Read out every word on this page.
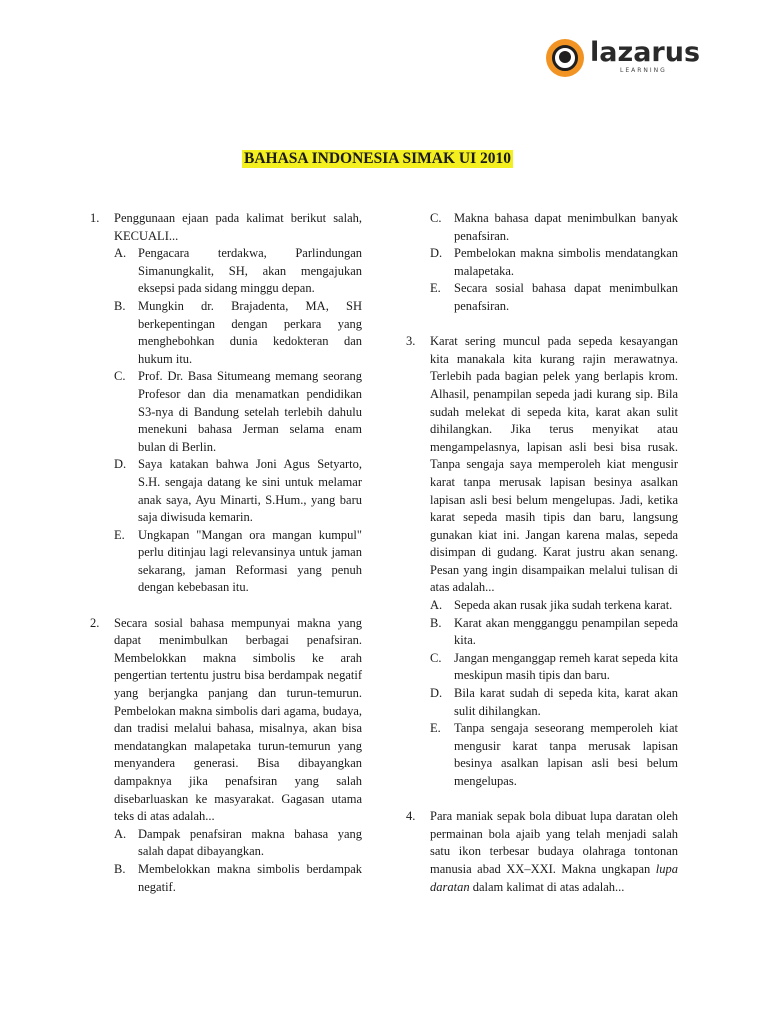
lazarus
LEARNING
BAHASA INDONESIA SIMAK UI 2010
1. Penggunaan ejaan pada kalimat berikut salah, KECUALI...

A. Pengacara terdakwa, Parlindungan Simanungkalit, SH, akan mengajukan eksepsi pada sidang minggu depan.
B. Mungkin dr. Brajadenta, MA, SH berkepentingan dengan perkara yang menghebohkan dunia kedokteran dan hukum itu.
C. Prof. Dr. Basa Situmeang memang seorang Profesor dan dia menamatkan pendidikan S3-nya di Bandung setelah terlebih dahulu menekuni bahasa Jerman selama enam bulan di Berlin.
D. Saya katakan bahwa Joni Agus Setyarto, S.H. sengaja datang ke sini untuk melamar anak saya, Ayu Minarti, S.Hum., yang baru saja diwisuda kemarin.
E. Ungkapan "Mangan ora mangan kumpul" perlu ditinjau lagi relevansinya untuk jaman sekarang, jaman Reformasi yang penuh dengan kebebasan itu.
2. Secara sosial bahasa mempunyai makna yang dapat menimbulkan berbagai penafsiran. Membelokkan makna simbolis ke arah pengertian tertentu justru bisa berdampak negatif yang berjangka panjang dan turun-temurun. Pembelokan makna simbolis dari agama, budaya, dan tradisi melalui bahasa, misalnya, akan bisa mendatangkan malapetaka turun-temurun yang menyandera generasi. Bisa dibayangkan dampaknya jika penafsiran yang salah disebarluaskan ke masyarakat. Gagasan utama teks di atas adalah...

A. Dampak penafsiran makna bahasa yang salah dapat dibayangkan.
B. Membelokkan makna simbolis berdampak negatif.
C. Makna bahasa dapat menimbulkan banyak penafsiran.
D. Pembelokan makna simbolis mendatangkan malapetaka.
E. Secara sosial bahasa dapat menimbulkan penafsiran.
3. Karat sering muncul pada sepeda kesayangan kita manakala kita kurang rajin merawatnya. Terlebih pada bagian pelek yang berlapis krom. Alhasil, penampilan sepeda jadi kurang sip. Bila sudah melekat di sepeda kita, karat akan sulit dihilangkan. Jika terus menyikat atau mengampelasnya, lapisan asli besi bisa rusak. Tanpa sengaja saya memperoleh kiat mengusir karat tanpa merusak lapisan besinya asalkan lapisan asli besi belum mengelupas. Jadi, ketika karat sepeda masih tipis dan baru, langsung gunakan kiat ini. Jangan karena malas, sepeda disimpan di gudang. Karat justru akan senang. Pesan yang ingin disampaikan melalui tulisan di atas adalah...

A. Sepeda akan rusak jika sudah terkena karat.
B. Karat akan mengganggu penampilan sepeda kita.
C. Jangan menganggap remeh karat sepeda kita meskipun masih tipis dan baru.
D. Bila karat sudah di sepeda kita, karat akan sulit dihilangkan.
E. Tanpa sengaja seseorang memperoleh kiat mengusir karat tanpa merusak lapisan besinya asalkan lapisan asli besi belum mengelupas.
4. Para maniak sepak bola dibuat lupa daratan oleh permainan bola ajaib yang telah menjadi salah satu ikon terbesar budaya olahraga tontonan manusia abad XX–XXI. Makna ungkapan lupa daratan dalam kalimat di atas adalah...
